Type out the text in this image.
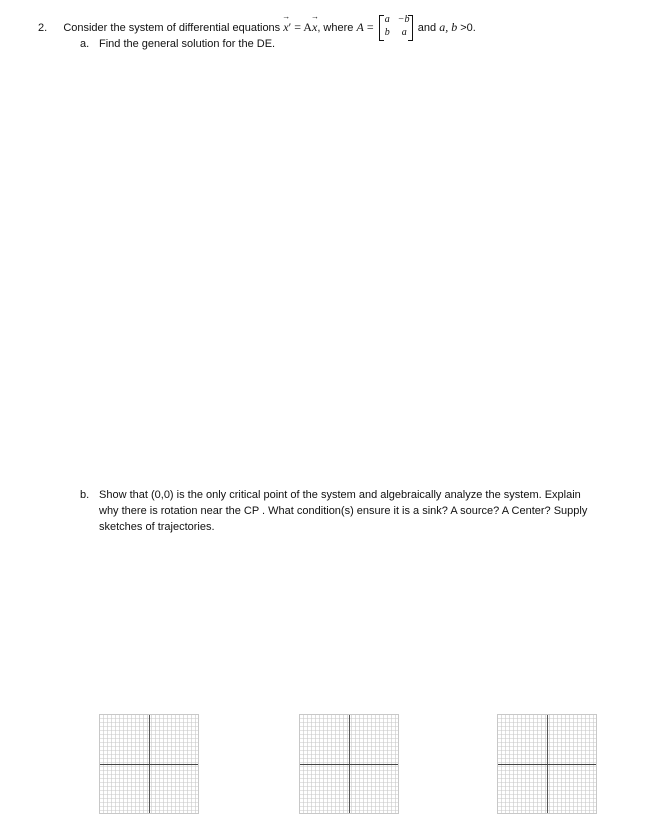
2. Consider the system of differential equations → x′ = A→ x, where A =
a −b
b a and a, b >0.
a. Find the general solution for the DE.
b. Show that (0,0) is the only critical point of the system and algebraically analyze the system. Explain
why there is rotation near the CP . What condition(s) ensure it is a sink? A source? A Center? Supply
sketches of trajectories.
